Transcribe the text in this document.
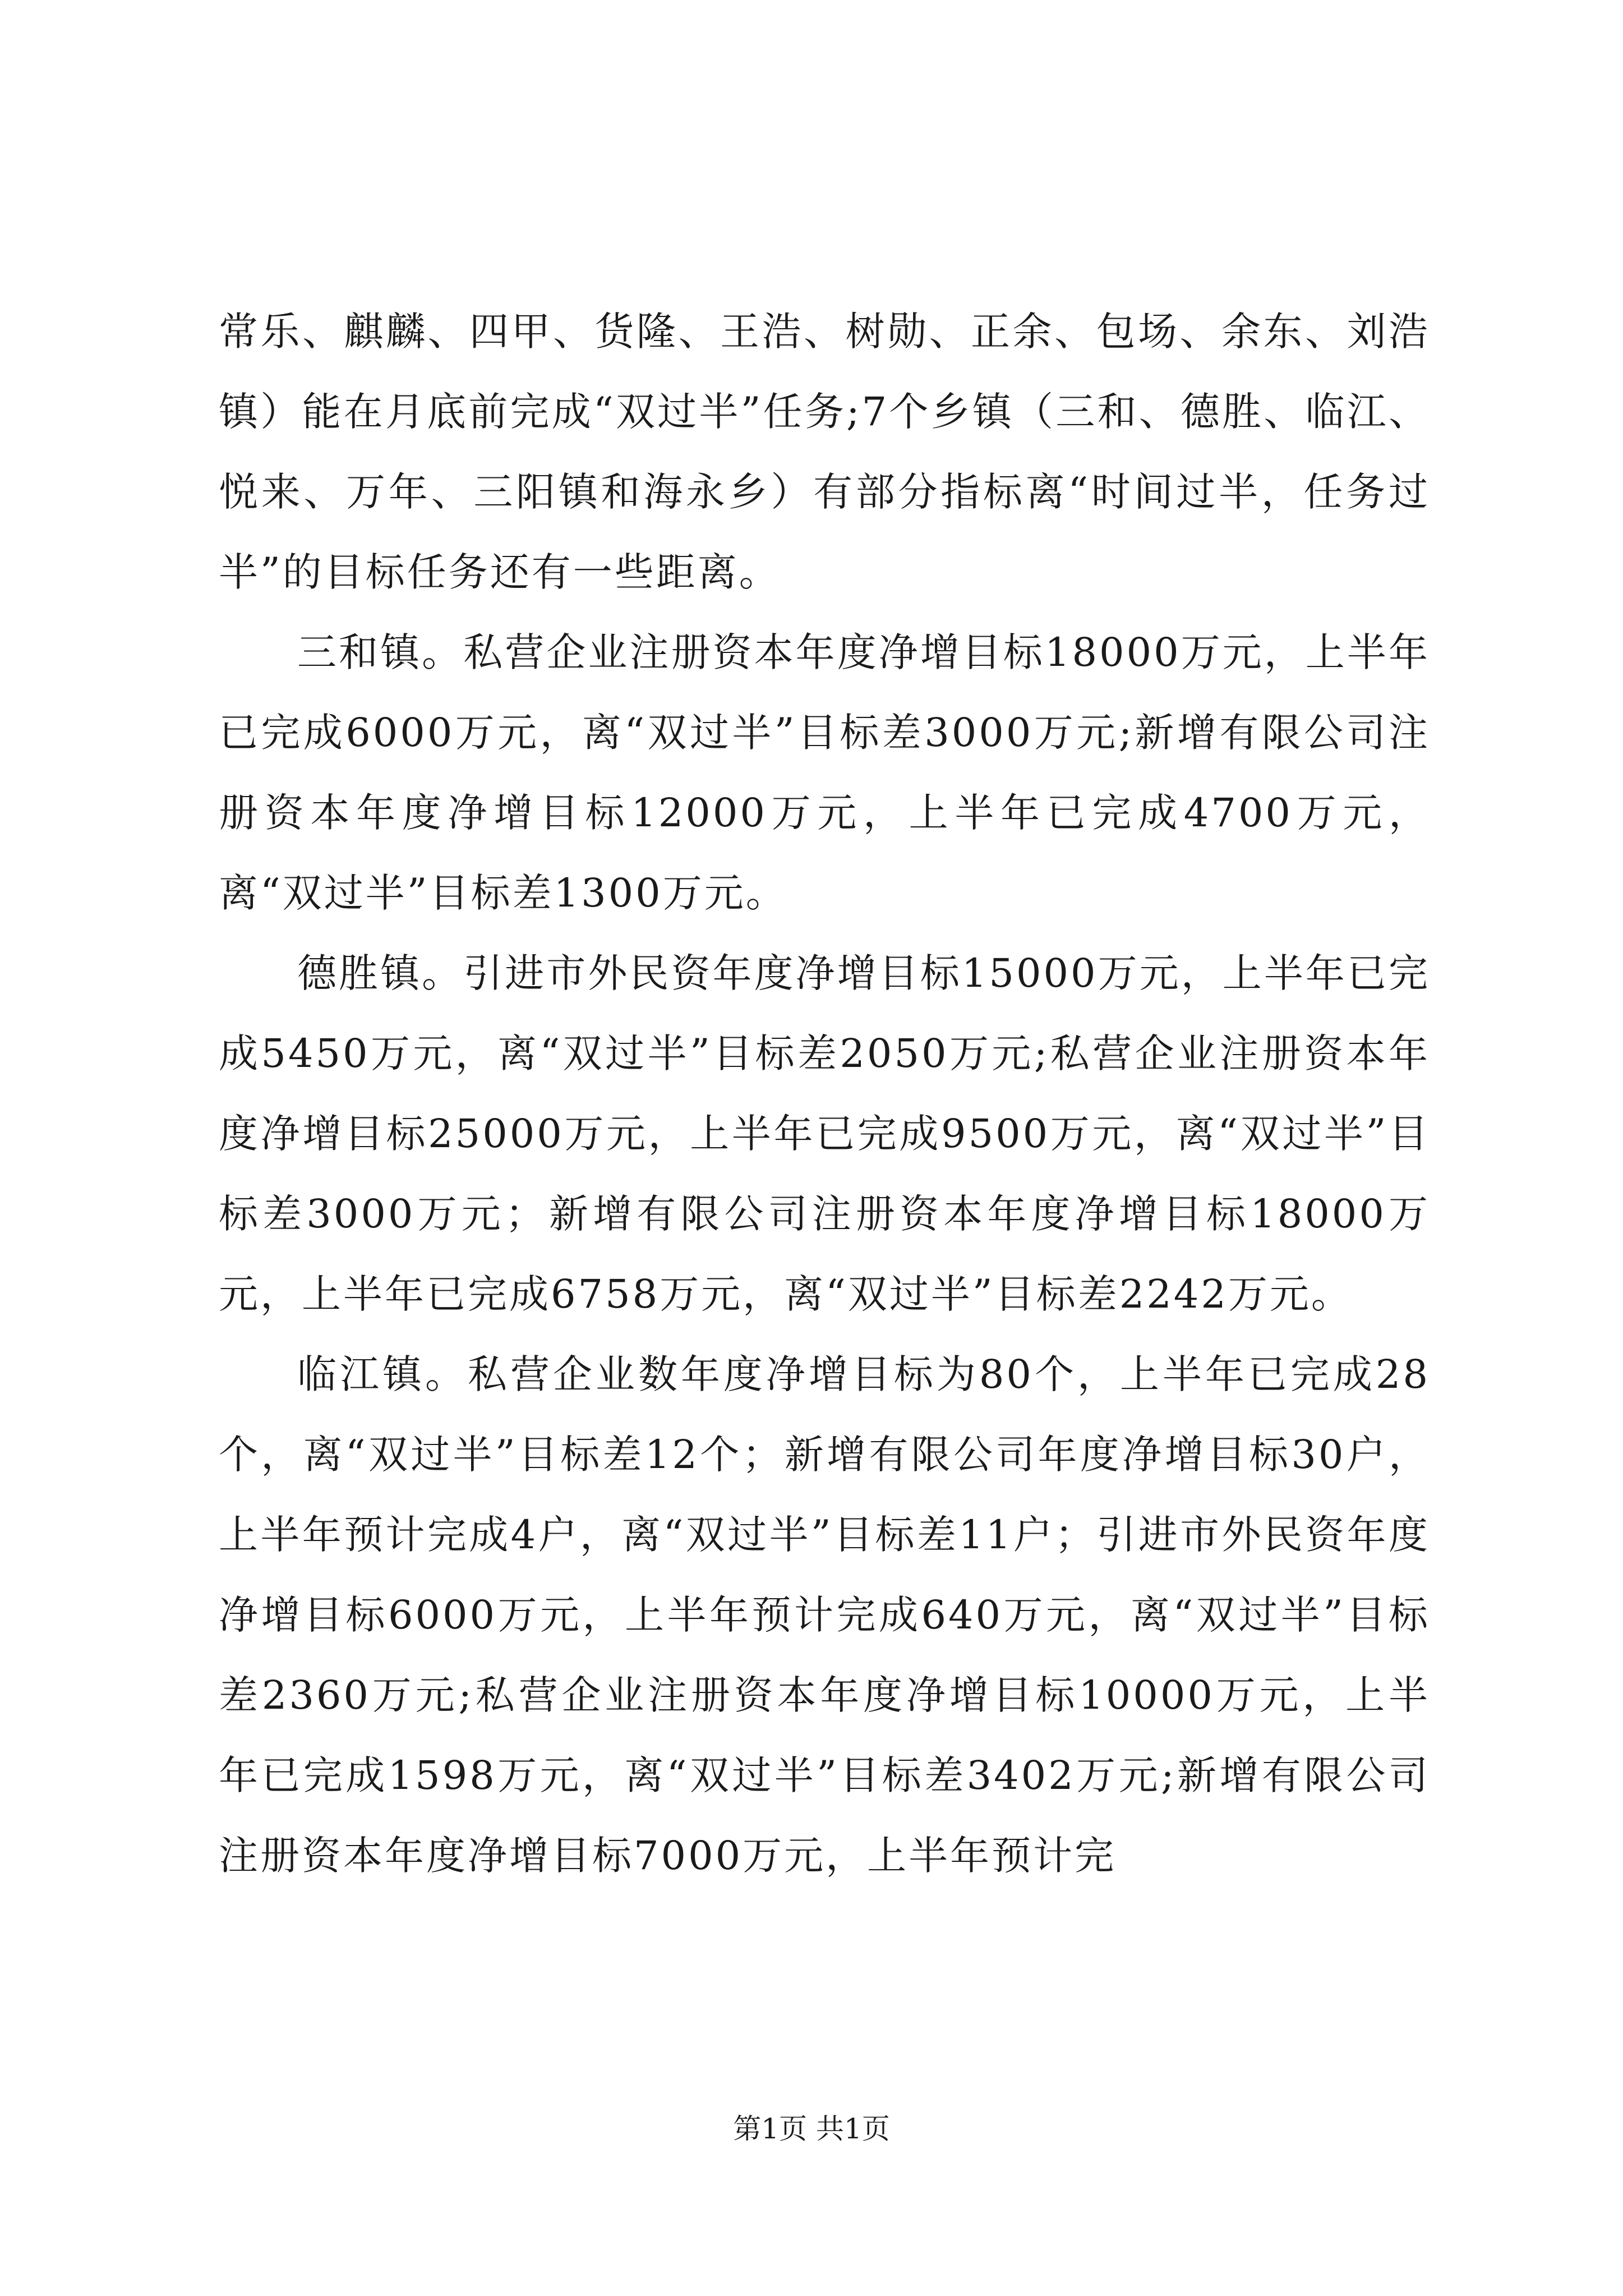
常乐、麒麟、四甲、货隆、王浩、树勋、正余、包场、余东、刘浩镇）能在月底前完成“双过半”任务;7个乡镇（三和、德胜、临江、悦来、万年、三阳镇和海永乡）有部分指标离“时间过半，任务过半”的目标任务还有一些距离。

三和镇。私营企业注册资本年度净增目标18000万元，上半年已完成6000万元，离“双过半”目标差3000万元;新增有限公司注册资本年度净增目标12000万元，上半年已完成4700万元，离“双过半”目标差1300万元。

德胜镇。引进市外民资年度净增目标15000万元，上半年已完成5450万元，离“双过半”目标差2050万元;私营企业注册资本年度净增目标25000万元，上半年已完成9500万元，离“双过半”目标差3000万元；新增有限公司注册资本年度净增目标18000万元，上半年已完成6758万元，离“双过半”目标差2242万元。

临江镇。私营企业数年度净增目标为80个，上半年已完成28个，离“双过半”目标差12个；新增有限公司年度净增目标30户，上半年预计完成4户，离“双过半”目标差11户；引进市外民资年度净增目标6000万元，上半年预计完成640万元，离“双过半”目标差2360万元;私营企业注册资本年度净增目标10000万元，上半年已完成1598万元，离“双过半”目标差3402万元;新增有限公司注册资本年度净增目标7000万元，上半年预计完

第1页 共1页
